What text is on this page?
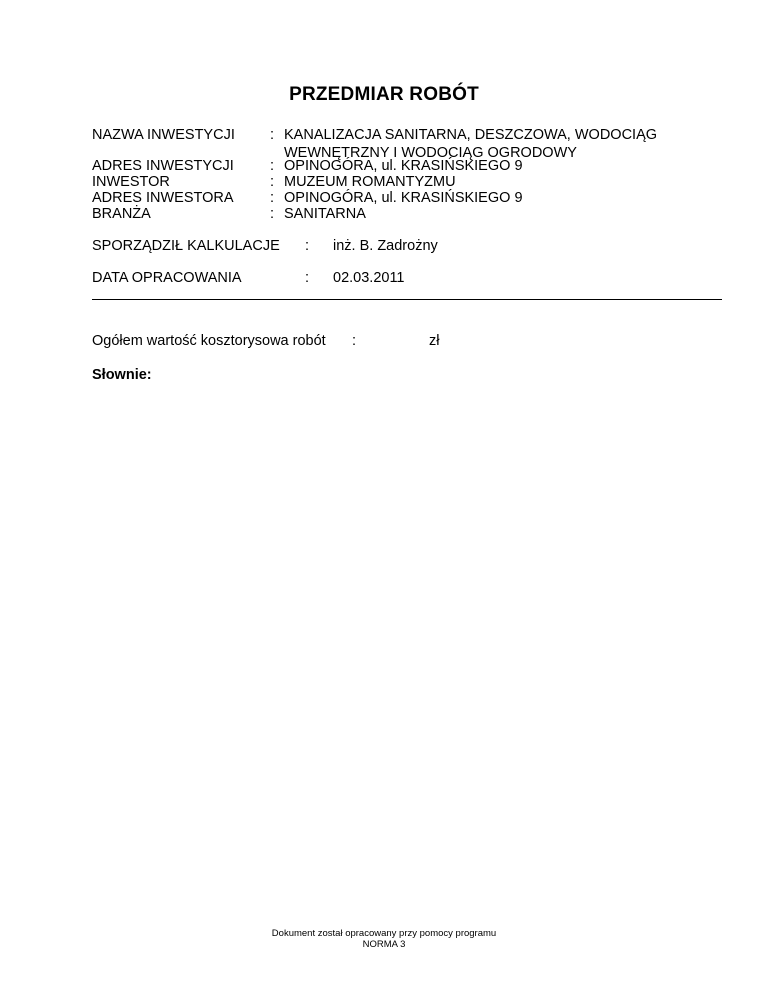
PRZEDMIAR ROBÓT
NAZWA INWESTYCJI : KANALIZACJA SANITARNA, DESZCZOWA, WODOCIĄG
WEWNĘTRZNY I WODOCIĄG OGRODOWY
ADRES INWESTYCJI : OPINOGÓRA, ul. KRASIŃSKIEGO 9
INWESTOR	: MUZEUM ROMANTYZMU
ADRES INWESTORA	: OPINOGÓRA, ul. KRASIŃSKIEGO 9
BRANŻA	: SANITARNA
SPORZĄDZIŁ KALKULACJE : inż. B. Zadrożny
DATA OPRACOWANIA	: 02.03.2011
Ogółem wartość kosztorysowa robót :	zł
Słownie:
Dokument został opracowany przy pomocy programu
NORMA 3
